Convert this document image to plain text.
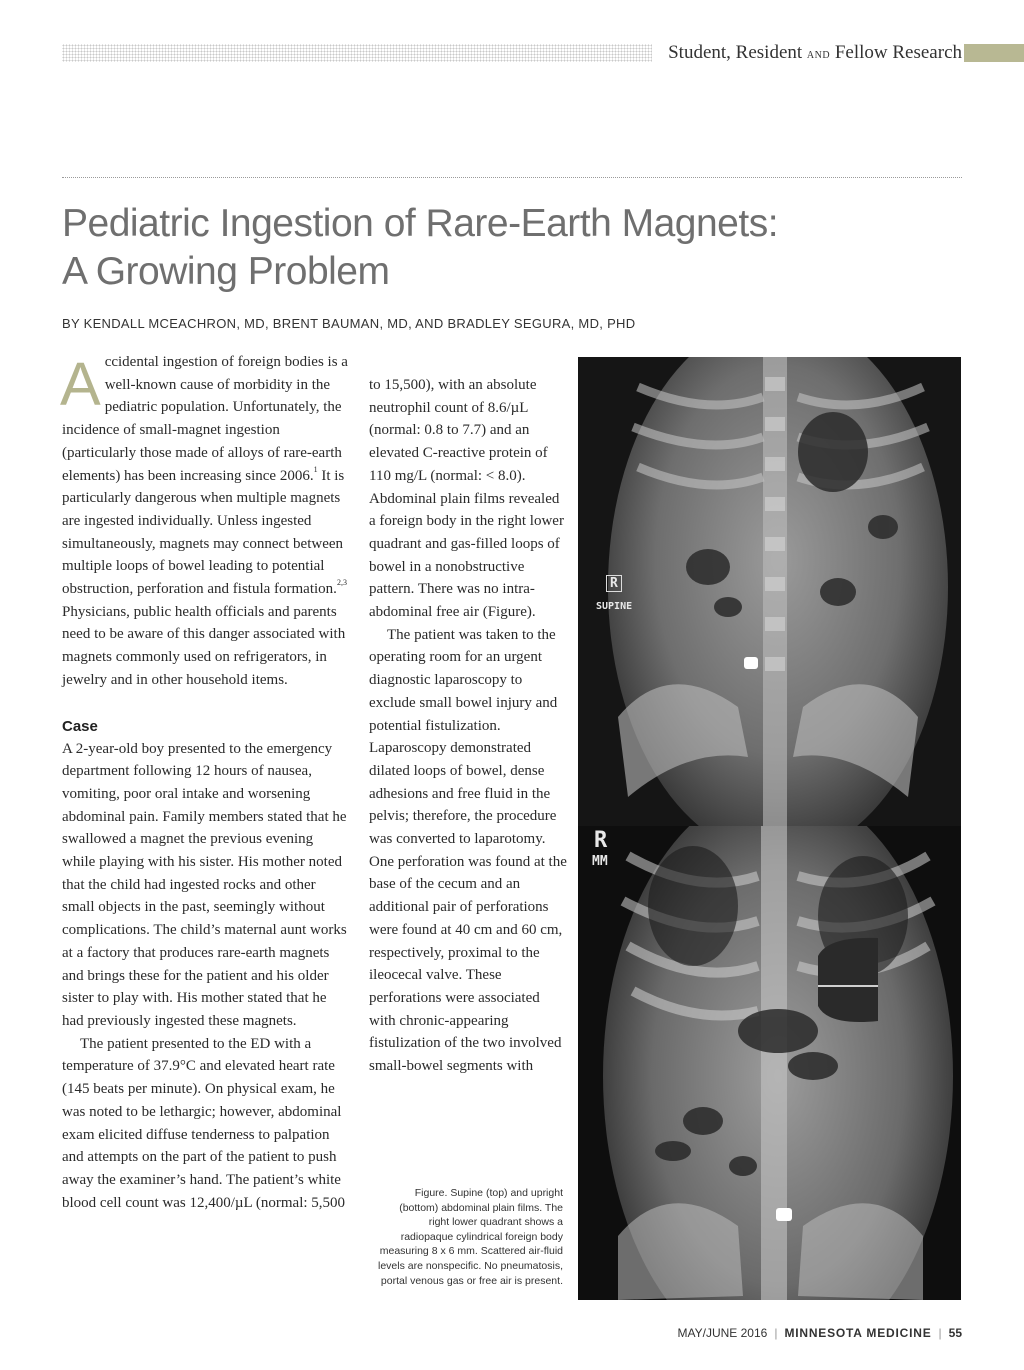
Student, Resident AND Fellow Research
Pediatric Ingestion of Rare-Earth Magnets:
A Growing Problem
BY KENDALL MCEACHRON, MD, BRENT BAUMAN, MD, AND BRADLEY SEGURA, MD, PHD

Accidental ingestion of foreign bodies is a well-known cause of morbidity in the pediatric population. Unfortunately, the incidence of small-magnet ingestion (particularly those made of alloys of rare-earth elements) has been increasing since 2006.$^1$ It is particularly dangerous when multiple magnets are ingested individually. Unless ingested simultaneously, magnets may connect between multiple loops of bowel leading to potential obstruction, perforation and fistula formation.$^{2,3}$ Physicians, public health officials and parents need to be aware of this danger associated with magnets commonly used on refrigerators, in jewelry and in other household items.

Case

A 2-year-old boy presented to the emergency department following 12 hours of nausea, vomiting, poor oral intake and worsening abdominal pain. Family members stated that he swallowed a magnet the previous evening while playing with his sister. His mother noted that the child had ingested rocks and other small objects in the past, seemingly without complications. The child’s maternal aunt works at a factory that produces rare-earth magnets and brings these for the patient and his older sister to play with. His mother stated that he had previously ingested these magnets.

The patient presented to the ED with a temperature of 37.9°C and elevated heart rate (145 beats per minute). On physical exam, he was noted to be lethargic; however, abdominal exam elicited diffuse tenderness to palpation and attempts on the part of the patient to push away the examiner’s hand. The patient’s white blood cell count was 12,400/µL (normal: 5,500

to 15,500), with an absolute neutrophil count of 8.6/µL (normal: 0.8 to 7.7) and an elevated C-reactive protein of 110 mg/L (normal: < 8.0). Abdominal plain films revealed a foreign body in the right lower quadrant and gas-filled loops of bowel in a nonobstructive pattern. There was no intra-abdominal free air (Figure).

The patient was taken to the operating room for an urgent diagnostic laparoscopy to exclude small bowel injury and potential fistulization. Laparoscopy demonstrated dilated loops of bowel, dense adhesions and free fluid in the pelvis; therefore, the procedure was converted to laparotomy. One perforation was found at the base of the cecum and an additional pair of perforations were found at 40 cm and 60 cm, respectively, proximal to the ileocecal valve. These perforations were associated with chronic-appearing fistulization of the two involved small-bowel segments with

Figure. Supine (top) and upright (bottom) abdominal plain films. The right lower quadrant shows a radiopaque cylindrical foreign body measuring 8 x 6 mm. Scattered air-fluid levels are nonspecific. No pneumatosis, portal venous gas or free air is present.
R
SUPINE
R
MM
MAY/JUNE 2016 | MINNESOTA MEDICINE | 55
